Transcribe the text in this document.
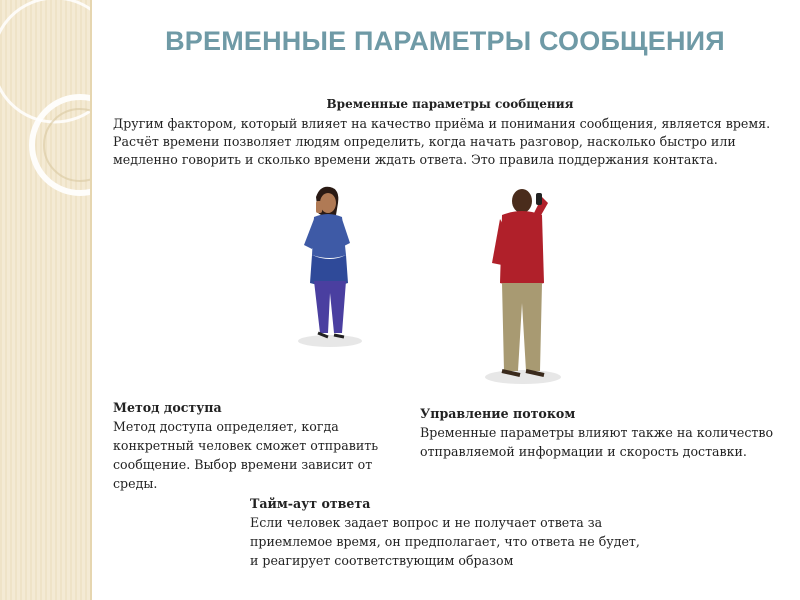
ВРЕМЕННЫЕ ПАРАМЕТРЫ СООБЩЕНИЯ
Временные параметры сообщения
Другим фактором, который влияет на качество приёма и понимания сообщения, является время. Расчёт времени позволяет людям определить, когда начать разговор, насколько быстро или медленно говорить и сколько времени ждать ответа. Это правила поддержания контакта.
Метод доступа
Метод доступа определяет, когда конкретный человек сможет отправить сообщение. Выбор времени зависит от среды.
Управление потоком
Временные параметры влияют также на количество отправляемой информации и скорость доставки.
Тайм-аут ответа
Если человек задает вопрос и не получает ответа за приемлемое время, он предполагает, что ответа не будет, и реагирует соответствующим образом
